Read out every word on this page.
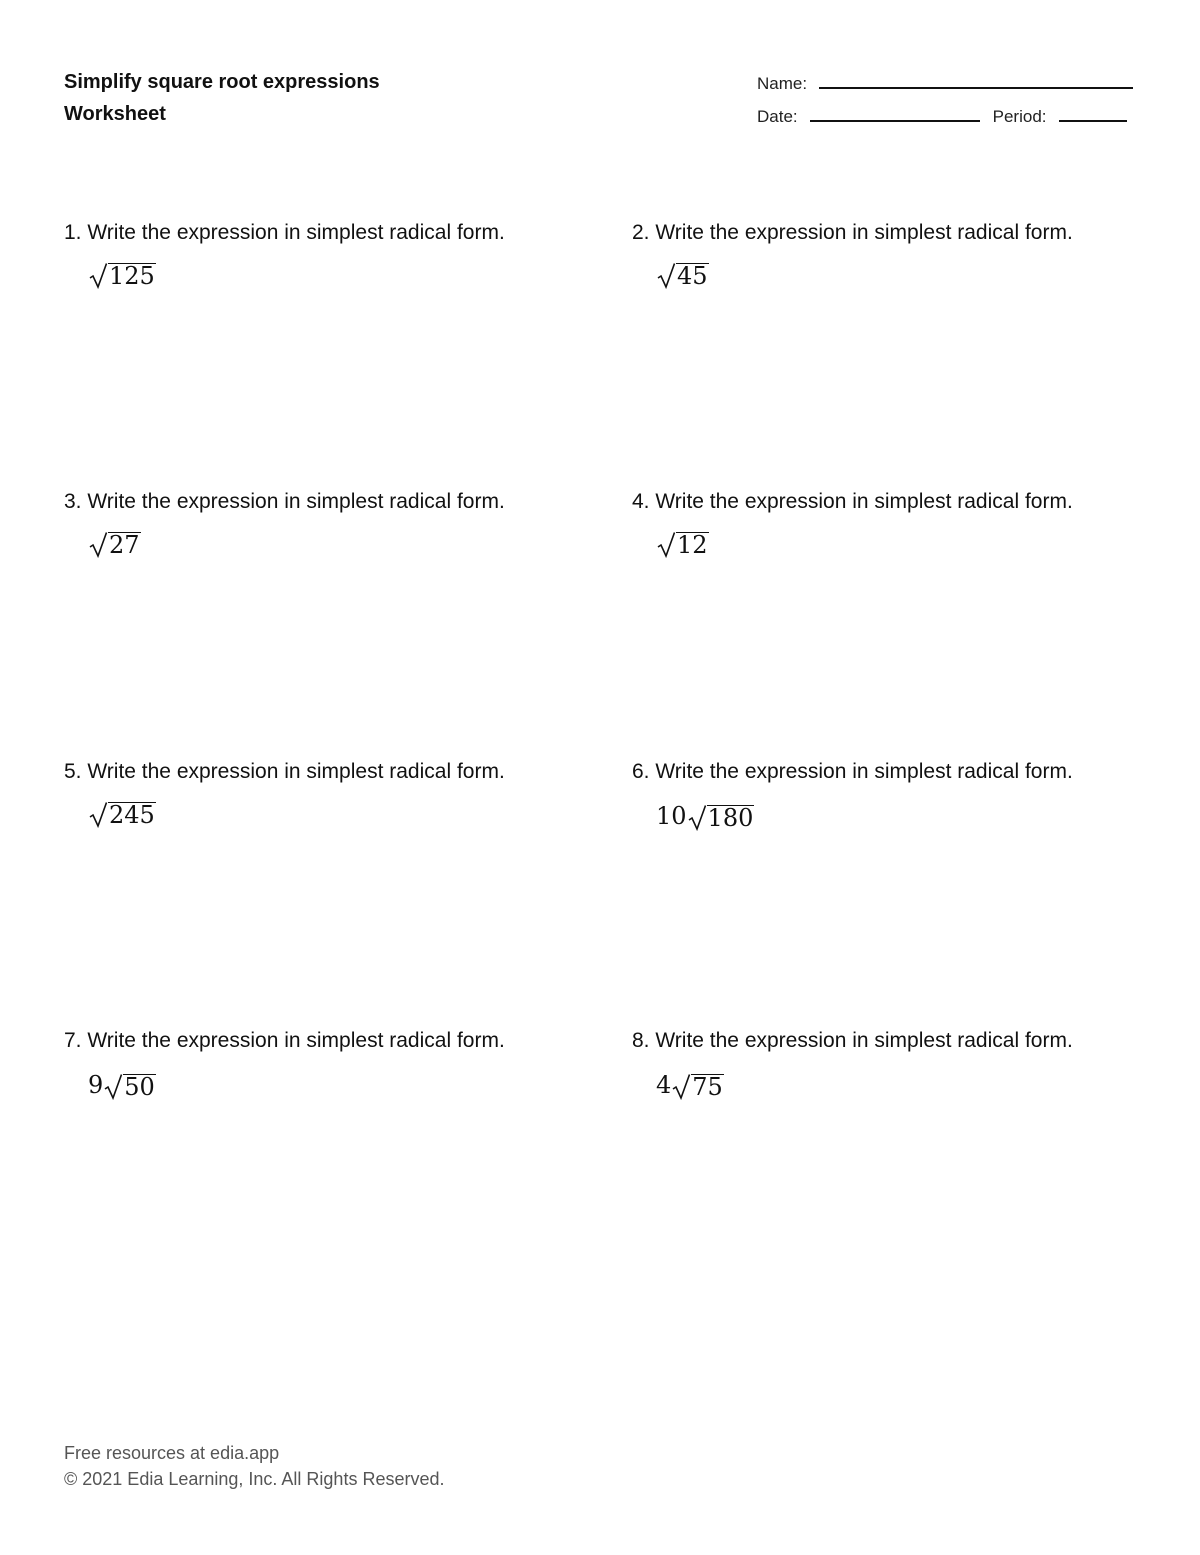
Simplify square root expressions

Worksheet

Name:
Date:	Period:
1. Write the expression in simplest radical form.
125
2. Write the expression in simplest radical form.
45
3. Write the expression in simplest radical form.
27
4. Write the expression in simplest radical form.
12
5. Write the expression in simplest radical form.
245
6. Write the expression in simplest radical form.
10 180
7. Write the expression in simplest radical form.
9 50
8. Write the expression in simplest radical form.
4 75
Free resources at edia.app
© 2021 Edia Learning, Inc. All Rights Reserved.
